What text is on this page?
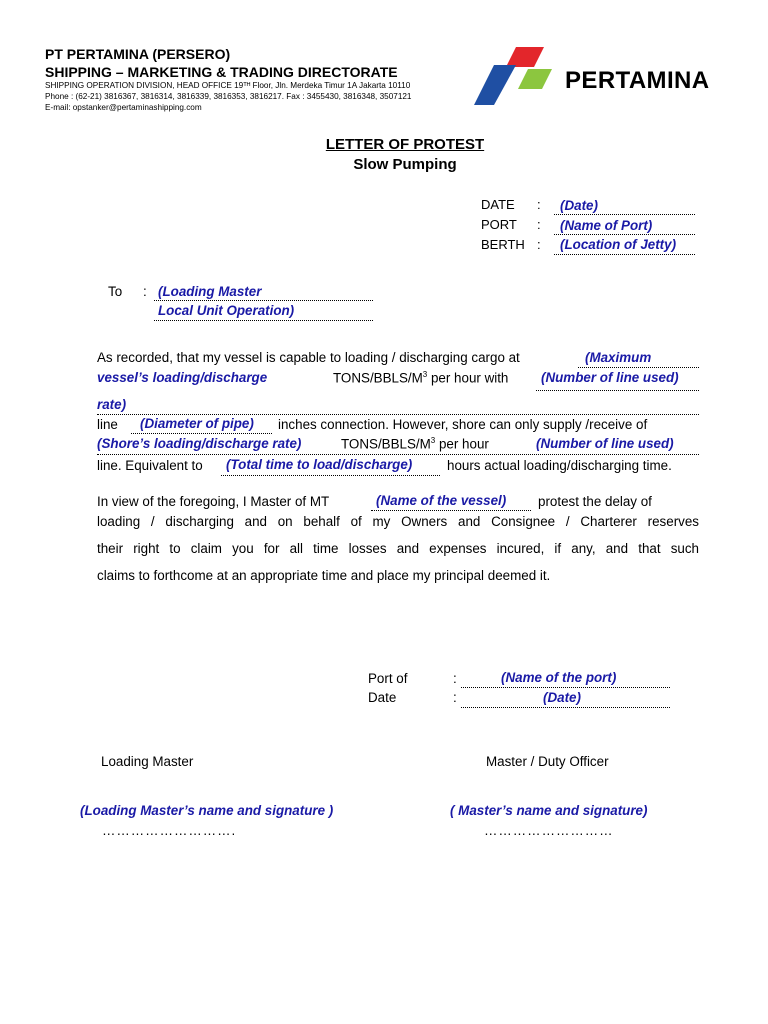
PT PERTAMINA (PERSERO)
SHIPPING – MARKETING & TRADING DIRECTORATE
SHIPPING OPERATION DIVISION, HEAD OFFICE 19ᵀᴴ Floor, Jln. Merdeka Timur 1A Jakarta 10110
Phone : (62-21) 3816367, 3816314, 3816339, 3816353, 3816217. Fax : 3455430, 3816348, 3507121
E-mail: opstanker@pertaminashipping.com
PERTAMINA
LETTER OF PROTEST
Slow Pumping
DATE : (Date)
PORT : (Name of Port)
BERTH : (Location of Jetty)
To : (Loading Master
Local Unit Operation)
As recorded, that my vessel is capable to loading / discharging cargo at	(Maximum
vessel’s loading/discharge	TONS/$BBLS/M^3$ per hour with (Number of line used)
rate)
line (Diameter of pipe) inches connection. However, shore can only supply /receive of
(Shore’s loading/discharge rate)	TONS/$BBLS/M^3$ per hour	(Number of line used)
line. Equivalent to (Total time to load/discharge)	hours actual loading/discharging time.
In view of the foregoing, I Master of MT	(Name of the vessel) protest the delay of
loading / discharging and on behalf of my Owners and Consignee / Charterer reserves
their right to claim you for all time losses and expenses incured, if any, and that such
claims to forthcome at an appropriate time and place my principal deemed it.
Port of	:	(Name of the port)
Date	:	(Date)
Loading Master	Master / Duty Officer
(Loading Master’s name and signature )	( Master’s name and signature)
……………………….	………………………
